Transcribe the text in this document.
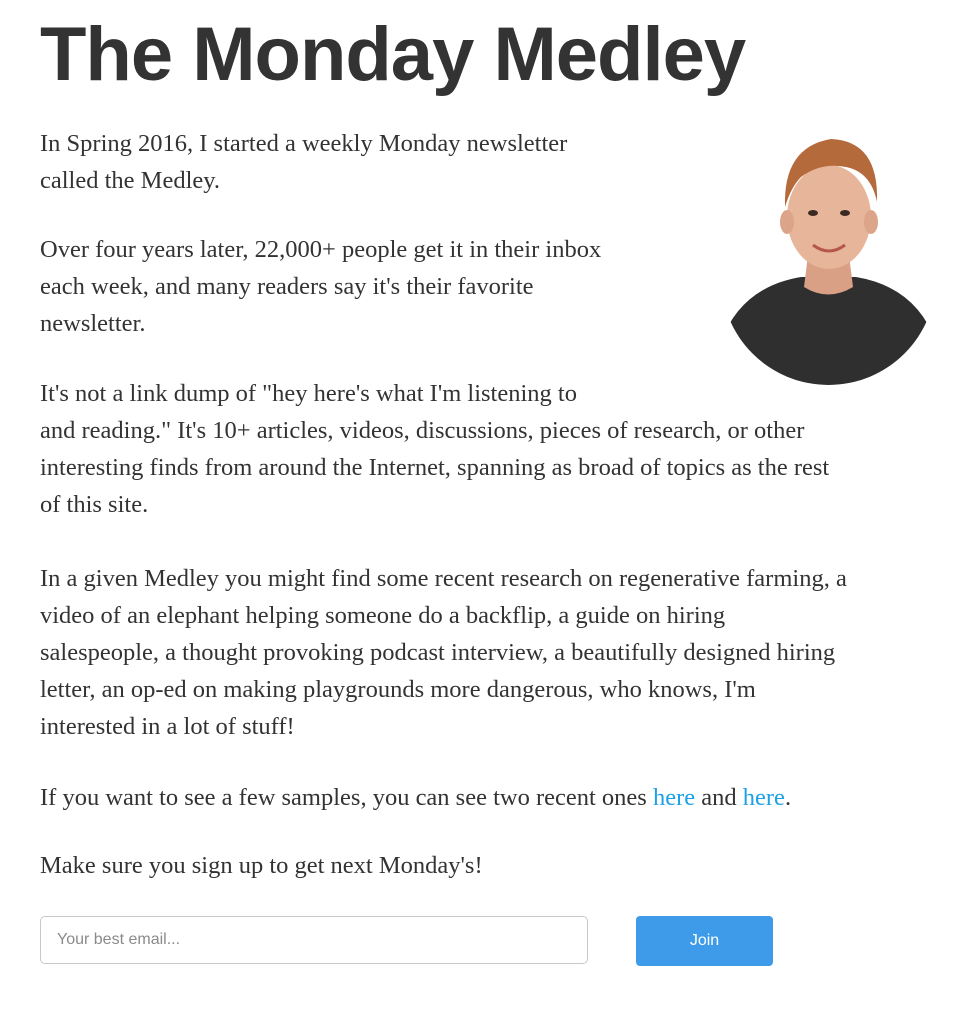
The Monday Medley
In Spring 2016, I started a weekly Monday newsletter
called the Medley.
Over four years later, 22,000+ people get it in their inbox
each week, and many readers say it's their favorite
newsletter.
It's not a link dump of "hey here's what I'm listening to
and reading." It's 10+ articles, videos, discussions, pieces of research, or other
interesting finds from around the Internet, spanning as broad of topics as the rest
of this site.
In a given Medley you might find some recent research on regenerative farming, a
video of an elephant helping someone do a backflip, a guide on hiring
salespeople, a thought provoking podcast interview, a beautifully designed hiring
letter, an op-ed on making playgrounds more dangerous, who knows, I'm
interested in a lot of stuff!
If you want to see a few samples, you can see two recent ones here and here.
Make sure you sign up to get next Monday's!
Your best email...
Join
